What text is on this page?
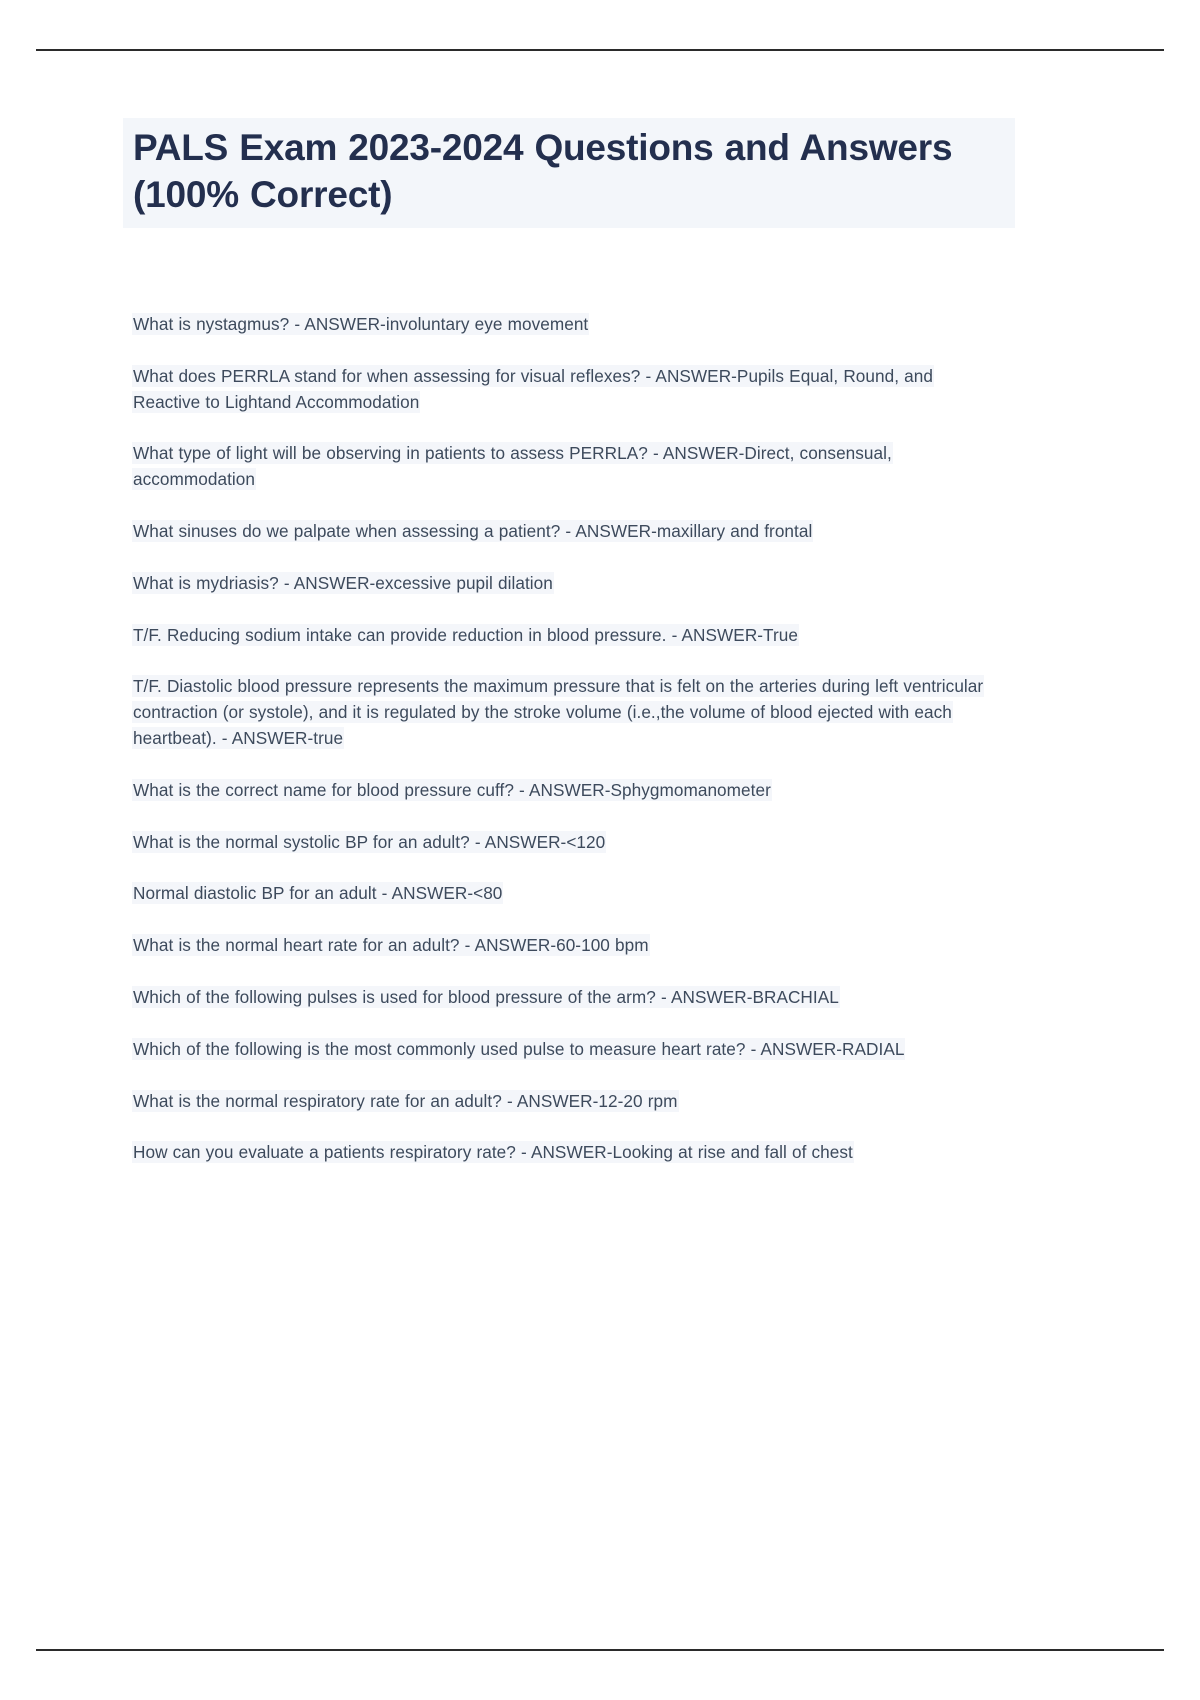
PALS Exam 2023-2024 Questions and Answers (100% Correct)

What is nystagmus? - ANSWER-involuntary eye movement

What does PERRLA stand for when assessing for visual reflexes? - ANSWER-Pupils Equal, Round, and Reactive to Lightand Accommodation

What type of light will be observing in patients to assess PERRLA? - ANSWER-Direct, consensual, accommodation

What sinuses do we palpate when assessing a patient? - ANSWER-maxillary and frontal

What is mydriasis? - ANSWER-excessive pupil dilation

T/F. Reducing sodium intake can provide reduction in blood pressure. - ANSWER-True

T/F. Diastolic blood pressure represents the maximum pressure that is felt on the arteries during left ventricular contraction (or systole), and it is regulated by the stroke volume (i.e.,the volume of blood ejected with each heartbeat). - ANSWER-true

What is the correct name for blood pressure cuff? - ANSWER-Sphygmomanometer

What is the normal systolic BP for an adult? - ANSWER-<120

Normal diastolic BP for an adult - ANSWER-<80

What is the normal heart rate for an adult? - ANSWER-60-100 bpm

Which of the following pulses is used for blood pressure of the arm? - ANSWER-BRACHIAL

Which of the following is the most commonly used pulse to measure heart rate? - ANSWER-RADIAL

What is the normal respiratory rate for an adult? - ANSWER-12-20 rpm

How can you evaluate a patients respiratory rate? - ANSWER-Looking at rise and fall of chest
